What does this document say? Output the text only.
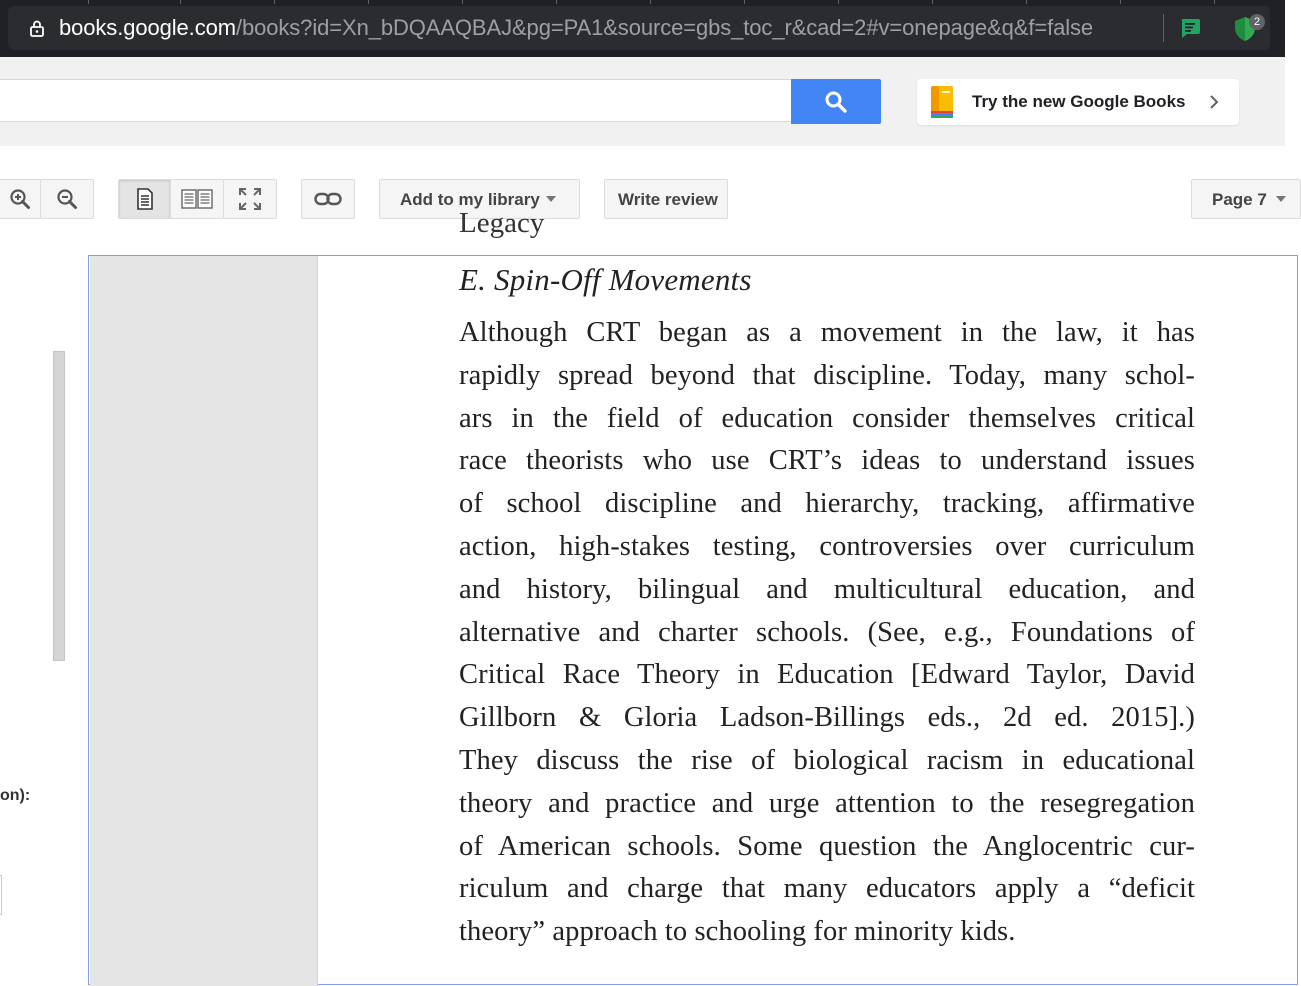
books.google.com/books?id=Xn_bDQAAQBAJ&pg=PA1&source=gbs_toc_r&cad=2#v=onepage&q&f=false	2
Try the new Google Books
Add to my library	Write review	Page 7
on):
Legacy
E. Spin-Off Movements
Although CRT began as a movement in the law, it has
rapidly spread beyond that discipline. Today, many schol-
ars in the field of education consider themselves critical
race theorists who use CRT’s ideas to understand issues
of school discipline and hierarchy, tracking, affirmative
action, high-stakes testing, controversies over curriculum
and history, bilingual and multicultural education, and
alternative and charter schools. (See, e.g., Foundations of
Critical Race Theory in Education [Edward Taylor, David
Gillborn & Gloria Ladson-Billings eds., 2d ed. 2015].)
They discuss the rise of biological racism in educational
theory and practice and urge attention to the resegregation
of American schools. Some question the Anglocentric cur-
riculum and charge that many educators apply a “deficit
theory” approach to schooling for minority kids.
